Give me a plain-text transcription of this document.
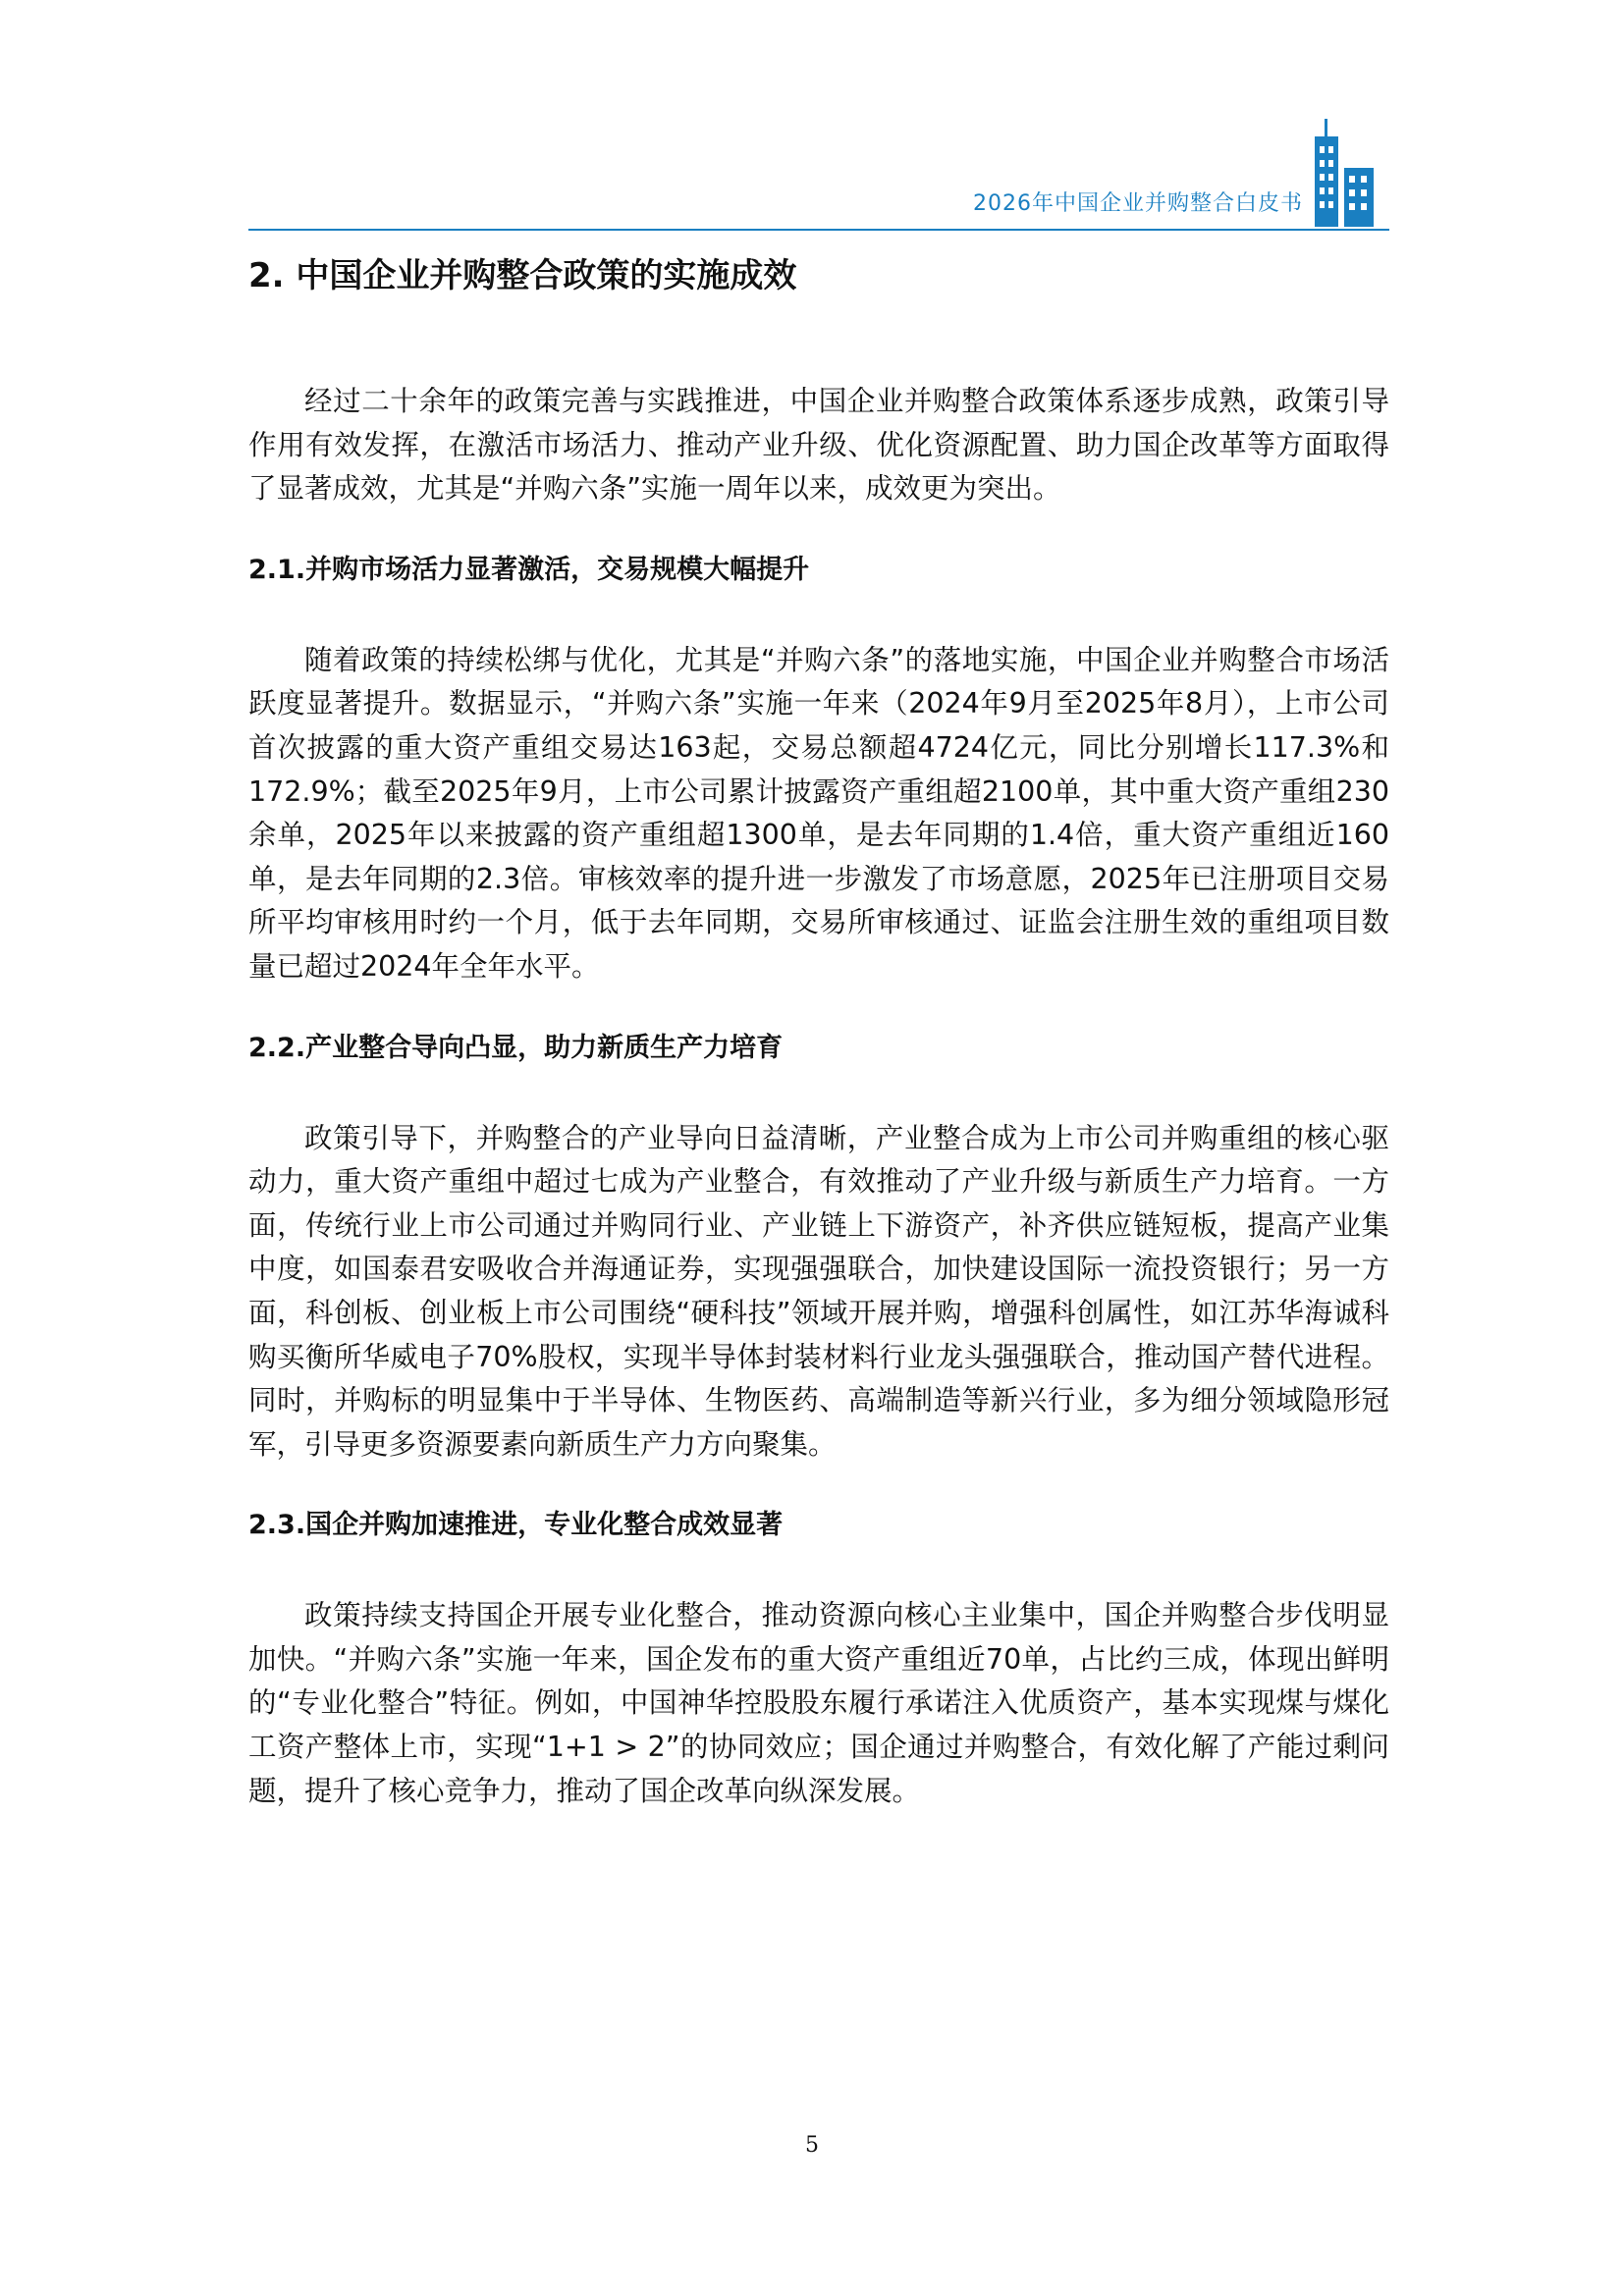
2026年中国企业并购整合白皮书
2. 中国企业并购整合政策的实施成效

经过二十余年的政策完善与实践推进，中国企业并购整合政策体系逐步成熟，政策引导作用有效发挥，在激活市场活力、推动产业升级、优化资源配置、助力国企改革等方面取得了显著成效，尤其是“并购六条”实施一周年以来，成效更为突出。

2.1.并购市场活力显著激活，交易规模大幅提升

随着政策的持续松绑与优化，尤其是“并购六条”的落地实施，中国企业并购整合市场活跃度显著提升。数据显示，“并购六条”实施一年来（2024年9月至2025年8月），上市公司首次披露的重大资产重组交易达163起，交易总额超4724亿元，同比分别增长117.3%和172.9%；截至2025年9月，上市公司累计披露资产重组超2100单，其中重大资产重组230余单，2025年以来披露的资产重组超1300单，是去年同期的1.4倍，重大资产重组近160单，是去年同期的2.3倍。审核效率的提升进一步激发了市场意愿，2025年已注册项目交易所平均审核用时约一个月，低于去年同期，交易所审核通过、证监会注册生效的重组项目数量已超过2024年全年水平。

2.2.产业整合导向凸显，助力新质生产力培育

政策引导下，并购整合的产业导向日益清晰，产业整合成为上市公司并购重组的核心驱动力，重大资产重组中超过七成为产业整合，有效推动了产业升级与新质生产力培育。一方面，传统行业上市公司通过并购同行业、产业链上下游资产，补齐供应链短板，提高产业集中度，如国泰君安吸收合并海通证券，实现强强联合，加快建设国际一流投资银行；另一方面，科创板、创业板上市公司围绕“硬科技”领域开展并购，增强科创属性，如江苏华海诚科购买衡所华威电子70%股权，实现半导体封装材料行业龙头强强联合，推动国产替代进程。同时，并购标的明显集中于半导体、生物医药、高端制造等新兴行业，多为细分领域隐形冠军，引导更多资源要素向新质生产力方向聚集。

2.3.国企并购加速推进，专业化整合成效显著

政策持续支持国企开展专业化整合，推动资源向核心主业集中，国企并购整合步伐明显加快。“并购六条”实施一年来，国企发布的重大资产重组近70单，占比约三成，体现出鲜明的“专业化整合”特征。例如，中国神华控股股东履行承诺注入优质资产，基本实现煤与煤化工资产整体上市，实现“1+1 > 2”的协同效应；国企通过并购整合，有效化解了产能过剩问题，提升了核心竞争力，推动了国企改革向纵深发展。

5
